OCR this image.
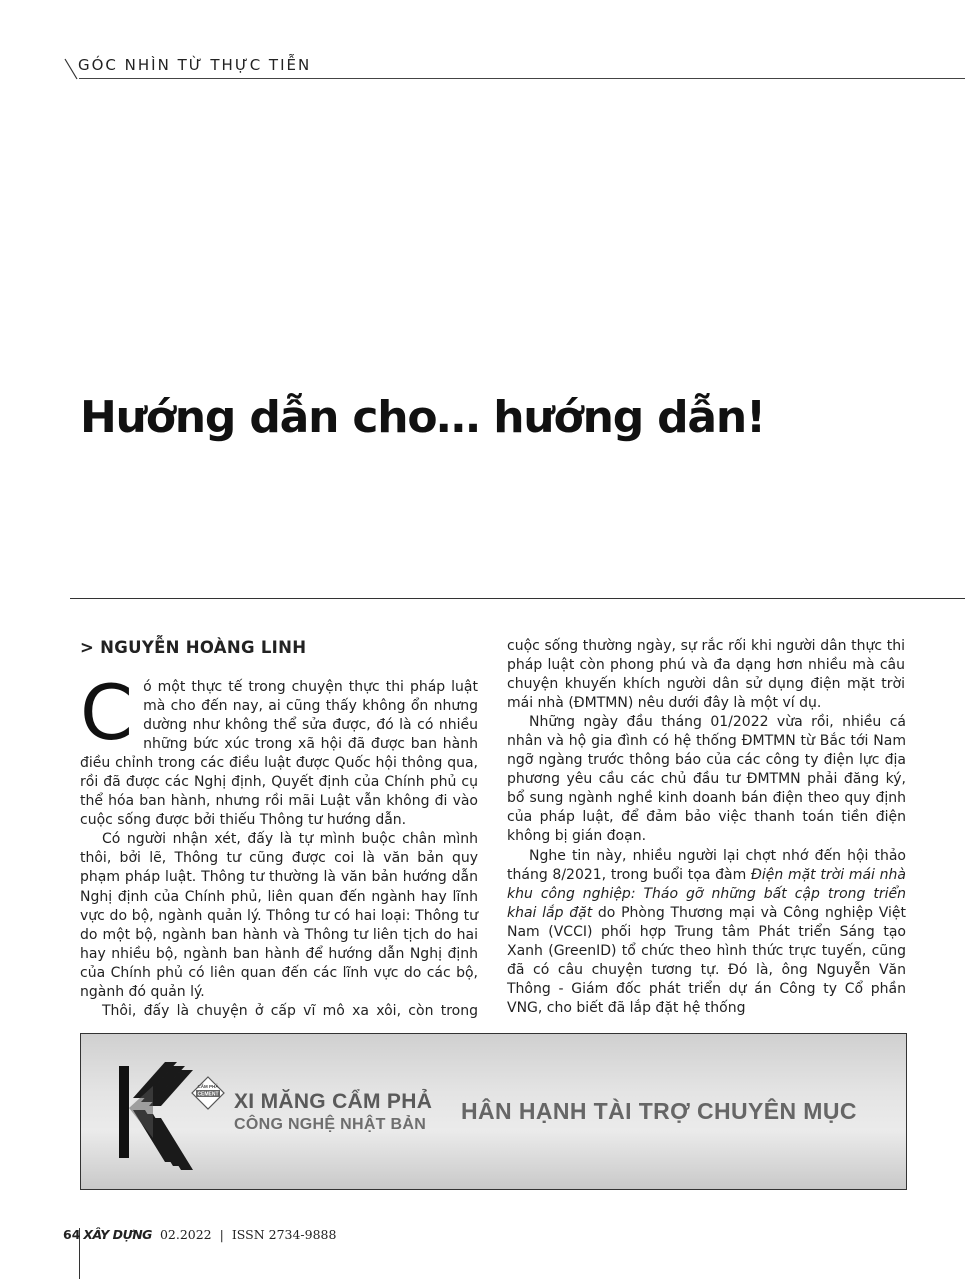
GÓC NHÌN TỪ THỰC TIỄN
Hướng dẫn cho… hướng dẫn!
> NGUYỄN HOÀNG LINH

Có một thực tế trong chuyện thực thi pháp luật mà cho đến nay, ai cũng thấy không ổn nhưng dường như không thể sửa được, đó là có nhiều những bức xúc trong xã hội đã được ban hành điều chỉnh trong các điều luật được Quốc hội thông qua, rồi đã được các Nghị định, Quyết định của Chính phủ cụ thể hóa ban hành, nhưng rồi mãi Luật vẫn không đi vào cuộc sống được bởi thiếu Thông tư hướng dẫn.

Có người nhận xét, đấy là tự mình buộc chân mình thôi, bởi lẽ, Thông tư cũng được coi là văn bản quy phạm pháp luật. Thông tư thường là văn bản hướng dẫn Nghị định của Chính phủ, liên quan đến ngành hay lĩnh vực do bộ, ngành quản lý. Thông tư có hai loại: Thông tư do một bộ, ngành ban hành và Thông tư liên tịch do hai hay nhiều bộ, ngành ban hành để hướng dẫn Nghị định của Chính phủ có liên quan đến các lĩnh vực do các bộ, ngành đó quản lý.

Thôi, đấy là chuyện ở cấp vĩ mô xa xôi, còn trong

cuộc sống thường ngày, sự rắc rối khi người dân thực thi pháp luật còn phong phú và đa dạng hơn nhiều mà câu chuyện khuyến khích người dân sử dụng điện mặt trời mái nhà (ĐMTMN) nêu dưới đây là một ví dụ.

Những ngày đầu tháng 01/2022 vừa rồi, nhiều cá nhân và hộ gia đình có hệ thống ĐMTMN từ Bắc tới Nam ngỡ ngàng trước thông báo của các công ty điện lực địa phương yêu cầu các chủ đầu tư ĐMTMN phải đăng ký, bổ sung ngành nghề kinh doanh bán điện theo quy định của pháp luật, để đảm bảo việc thanh toán tiền điện không bị gián đoạn.

Nghe tin này, nhiều người lại chợt nhớ đến hội thảo tháng 8/2021, trong buổi tọa đàm Điện mặt trời mái nhà khu công nghiệp: Tháo gỡ những bất cập trong triển khai lắp đặt do Phòng Thương mại và Công nghiệp Việt Nam (VCCI) phối hợp Trung tâm Phát triển Sáng tạo Xanh (GreenID) tổ chức theo hình thức trực tuyến, cũng đã có câu chuyện tương tự. Đó là, ông Nguyễn Văn Thông - Giám đốc phát triển dự án Công ty Cổ phần VNG, cho biết đã lắp đặt hệ thống

CẨM PHẢ
CEMENT XI MĂNG CẨM PHẢ
CÔNG NGHỆ NHẬT BẢN
HÂN HẠNH TÀI TRỢ CHUYÊN MỤC
64 XÂY DỰNG 02.2022 | ISSN 2734-9888
